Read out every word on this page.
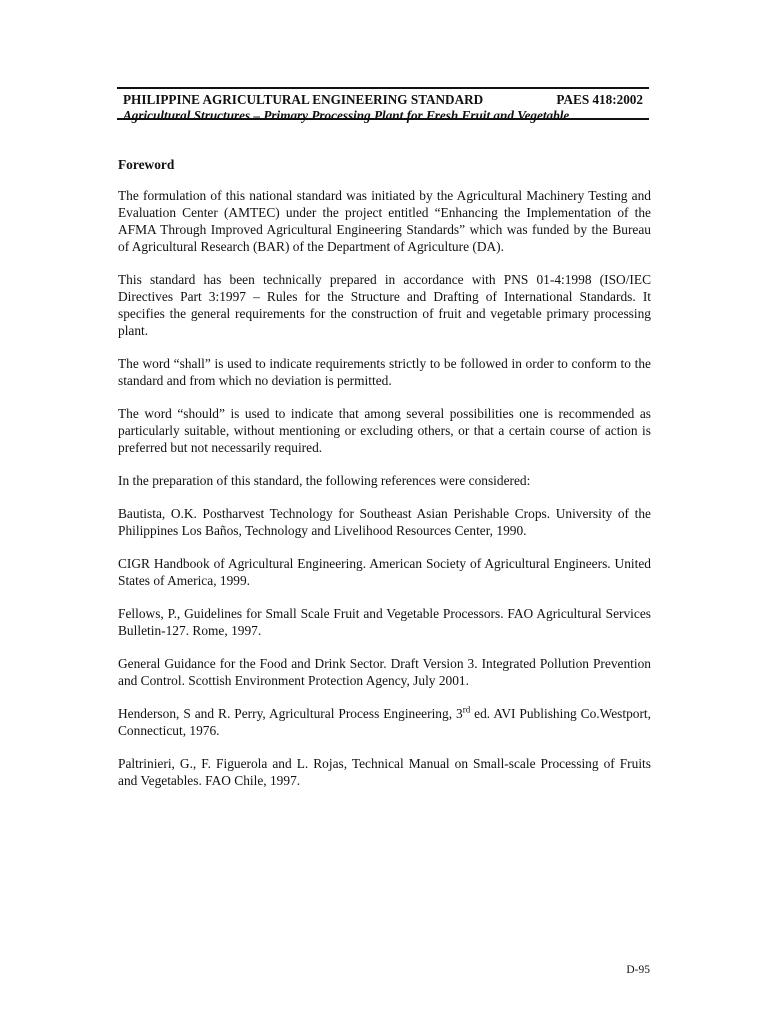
PHILIPPINE AGRICULTURAL ENGINEERING STANDARD	PAES 418:2002
Agricultural Structures – Primary Processing Plant for Fresh Fruit and Vegetable

Foreword

The formulation of this national standard was initiated by the Agricultural Machinery Testing and Evaluation Center (AMTEC) under the project entitled “Enhancing the Implementation of the AFMA Through Improved Agricultural Engineering Standards” which was funded by the Bureau of Agricultural Research (BAR) of the Department of Agriculture (DA).

This standard has been technically prepared in accordance with PNS 01-4:1998 (ISO/IEC Directives Part 3:1997 – Rules for the Structure and Drafting of International Standards. It specifies the general requirements for the construction of fruit and vegetable primary processing plant.

The word “shall” is used to indicate requirements strictly to be followed in order to conform to the standard and from which no deviation is permitted.

The word “should” is used to indicate that among several possibilities one is recommended as particularly suitable, without mentioning or excluding others, or that a certain course of action is preferred but not necessarily required.

In the preparation of this standard, the following references were considered:

Bautista, O.K. Postharvest Technology for Southeast Asian Perishable Crops. University of the Philippines Los Baños, Technology and Livelihood Resources Center, 1990.

CIGR Handbook of Agricultural Engineering. American Society of Agricultural Engineers. United States of America, 1999.

Fellows, P., Guidelines for Small Scale Fruit and Vegetable Processors. FAO Agricultural Services Bulletin-127. Rome, 1997.

General Guidance for the Food and Drink Sector. Draft Version 3. Integrated Pollution Prevention and Control. Scottish Environment Protection Agency, July 2001.

Henderson, S and R. Perry, Agricultural Process Engineering, 3rd ed. AVI Publishing Co.Westport, Connecticut, 1976.

Paltrinieri, G., F. Figuerola and L. Rojas, Technical Manual on Small-scale Processing of Fruits and Vegetables. FAO Chile, 1997.

D-95
